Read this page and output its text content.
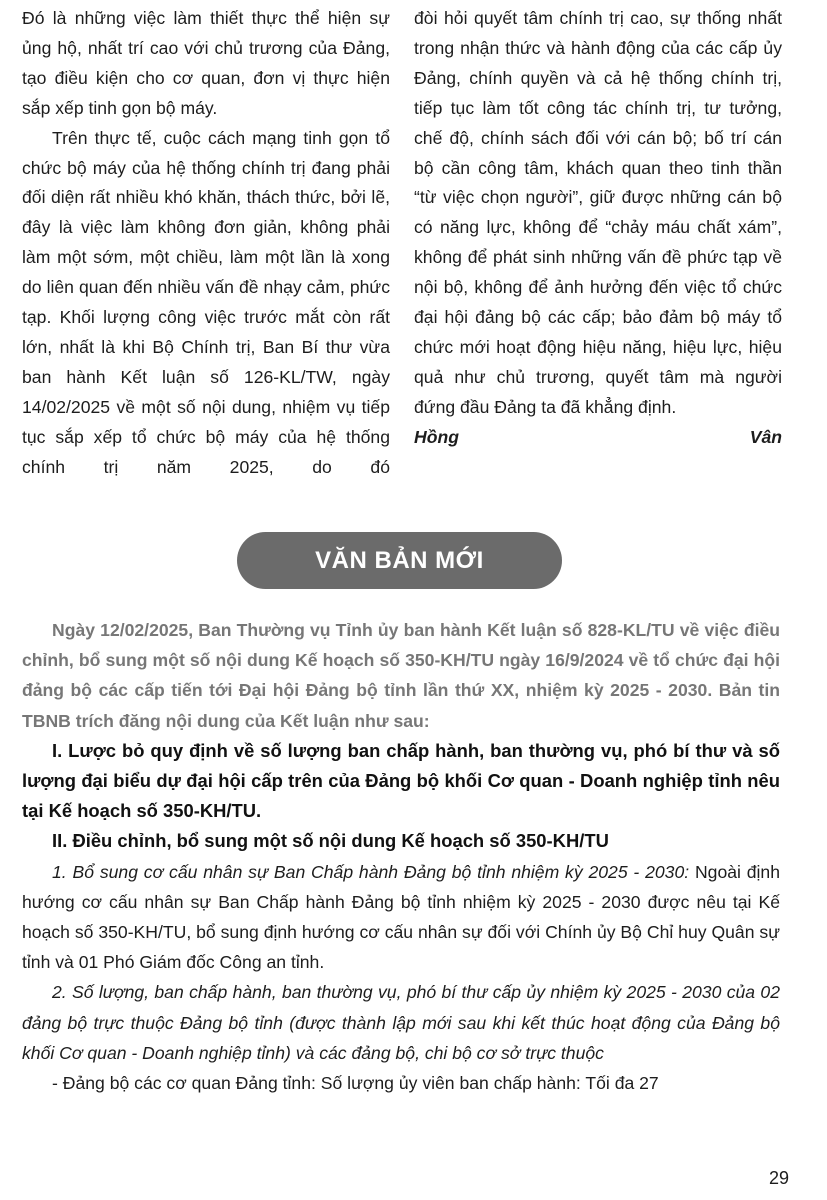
Đó là những việc làm thiết thực thể hiện sự ủng hộ, nhất trí cao với chủ trương của Đảng, tạo điều kiện cho cơ quan, đơn vị thực hiện sắp xếp tinh gọn bộ máy.

Trên thực tế, cuộc cách mạng tinh gọn tổ chức bộ máy của hệ thống chính trị đang phải đối diện rất nhiều khó khăn, thách thức, bởi lẽ, đây là việc làm không đơn giản, không phải làm một sớm, một chiều, làm một lần là xong do liên quan đến nhiều vấn đề nhạy cảm, phức tạp. Khối lượng công việc trước mắt còn rất lớn, nhất là khi Bộ Chính trị, Ban Bí thư vừa ban hành Kết luận số 126-KL/TW, ngày 14/02/2025 về một số nội dung, nhiệm vụ tiếp tục sắp xếp tổ chức bộ máy của hệ thống chính trị năm 2025, do đó

đòi hỏi quyết tâm chính trị cao, sự thống nhất trong nhận thức và hành động của các cấp ủy Đảng, chính quyền và cả hệ thống chính trị, tiếp tục làm tốt công tác chính trị, tư tưởng, chế độ, chính sách đối với cán bộ; bố trí cán bộ cần công tâm, khách quan theo tinh thần “từ việc chọn người”, giữ được những cán bộ có năng lực, không để “chảy máu chất xám”, không để phát sinh những vấn đề phức tạp về nội bộ, không để ảnh hưởng đến việc tổ chức đại hội đảng bộ các cấp; bảo đảm bộ máy tổ chức mới hoạt động hiệu năng, hiệu lực, hiệu quả như chủ trương, quyết tâm mà người đứng đầu Đảng ta đã khẳng định.

Hồng Vân

VĂN BẢN MỚI

Ngày 12/02/2025, Ban Thường vụ Tỉnh ủy ban hành Kết luận số 828-KL/TU về việc điều chỉnh, bổ sung một số nội dung Kế hoạch số 350-KH/TU ngày 16/9/2024 về tổ chức đại hội đảng bộ các cấp tiến tới Đại hội Đảng bộ tỉnh lần thứ XX, nhiệm kỳ 2025 - 2030. Bản tin TBNB trích đăng nội dung của Kết luận như sau:

I. Lược bỏ quy định về số lượng ban chấp hành, ban thường vụ, phó bí thư và số lượng đại biểu dự đại hội cấp trên của Đảng bộ khối Cơ quan - Doanh nghiệp tỉnh nêu tại Kế hoạch số 350-KH/TU.

II. Điều chỉnh, bổ sung một số nội dung Kế hoạch số 350-KH/TU

1. Bổ sung cơ cấu nhân sự Ban Chấp hành Đảng bộ tỉnh nhiệm kỳ 2025 - 2030: Ngoài định hướng cơ cấu nhân sự Ban Chấp hành Đảng bộ tỉnh nhiệm kỳ 2025 - 2030 được nêu tại Kế hoạch số 350-KH/TU, bổ sung định hướng cơ cấu nhân sự đối với Chính ủy Bộ Chỉ huy Quân sự tỉnh và 01 Phó Giám đốc Công an tỉnh.

2. Số lượng, ban chấp hành, ban thường vụ, phó bí thư cấp ủy nhiệm kỳ 2025 - 2030 của 02 đảng bộ trực thuộc Đảng bộ tỉnh (được thành lập mới sau khi kết thúc hoạt động của Đảng bộ khối Cơ quan - Doanh nghiệp tỉnh) và các đảng bộ, chi bộ cơ sở trực thuộc

- Đảng bộ các cơ quan Đảng tỉnh: Số lượng ủy viên ban chấp hành: Tối đa 27

29
